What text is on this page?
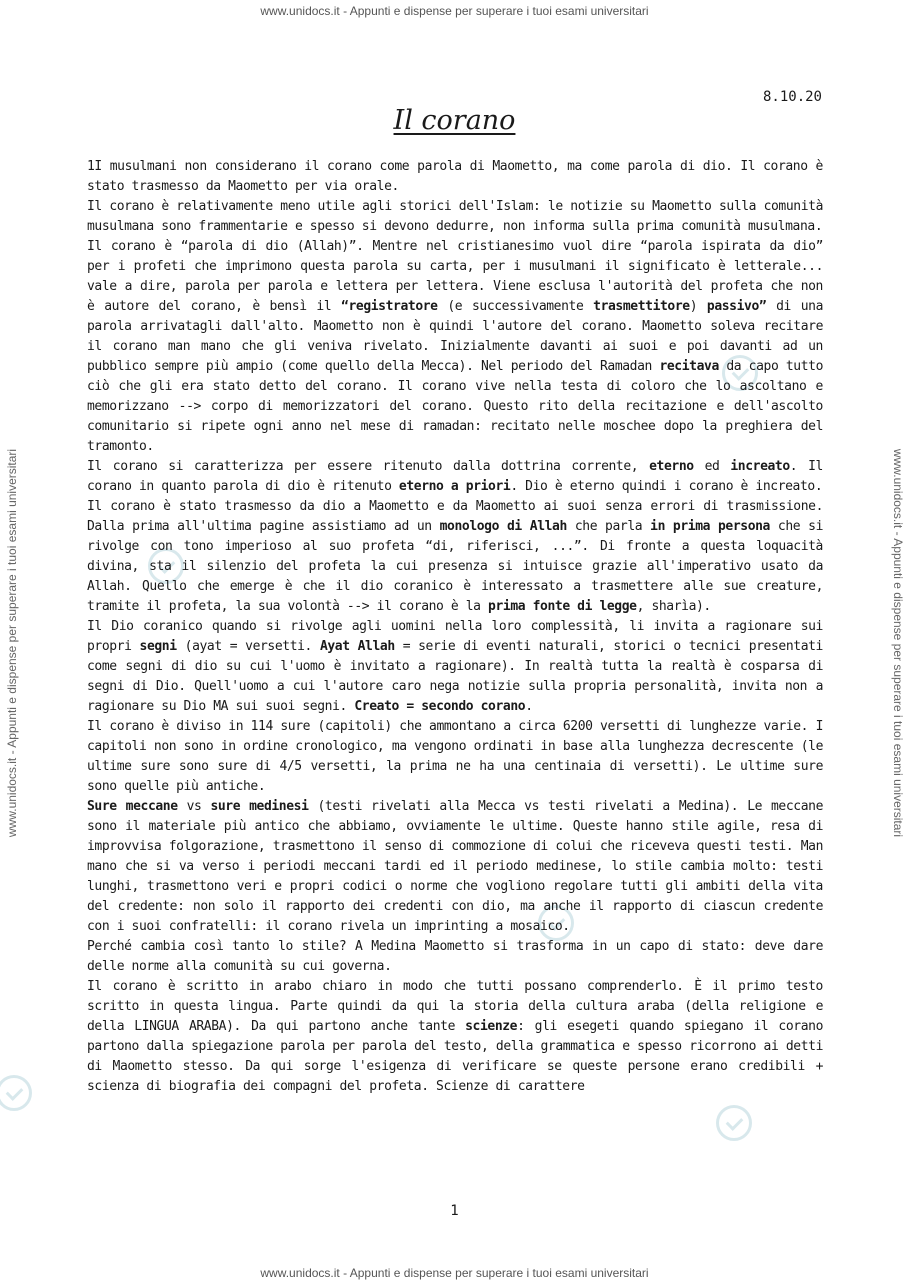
www.unidocs.it - Appunti e dispense per superare i tuoi esami universitari
www.unidocs.it - Appunti e dispense per superare i tuoi esami universitari
www.unidocs.it - Appunti e dispense per superare i tuoi esami universitari	www.unidocs.it - Appunti e dispense per superare i tuoi esami universitari
8.10.20
Il corano

1I musulmani non considerano il corano come parola di Maometto, ma come parola di dio. Il corano è stato trasmesso da Maometto per via orale.

Il corano è relativamente meno utile agli storici dell'Islam: le notizie su Maometto sulla comunità musulmana sono frammentarie e spesso si devono dedurre, non informa sulla prima comunità musulmana.

Il corano è “parola di dio (Allah)”. Mentre nel cristianesimo vuol dire “parola ispirata da dio” per i profeti che imprimono questa parola su carta, per i musulmani il significato è letterale... vale a dire, parola per parola e lettera per lettera. Viene esclusa l'autorità del profeta che non è autore del corano, è bensì il “registratore (e successivamente trasmettitore) passivo” di una parola arrivatagli dall'alto. Maometto non è quindi l'autore del corano. Maometto soleva recitare il corano man mano che gli veniva rivelato. Inizialmente davanti ai suoi e poi davanti ad un pubblico sempre più ampio (come quello della Mecca). Nel periodo del Ramadan recitava da capo tutto ciò che gli era stato detto del corano. Il corano vive nella testa di coloro che lo ascoltano e memorizzano --> corpo di memorizzatori del corano. Questo rito della recitazione e dell'ascolto comunitario si ripete ogni anno nel mese di ramadan: recitato nelle moschee dopo la preghiera del tramonto.

Il corano si caratterizza per essere ritenuto dalla dottrina corrente, eterno ed increato. Il corano in quanto parola di dio è ritenuto eterno a priori. Dio è eterno quindi i corano è increato.

Il corano è stato trasmesso da dio a Maometto e da Maometto ai suoi senza errori di trasmissione. Dalla prima all'ultima pagine assistiamo ad un monologo di Allah che parla in prima persona che si rivolge con tono imperioso al suo profeta “di, riferisci, ...”. Di fronte a questa loquacità divina, sta il silenzio del profeta la cui presenza si intuisce grazie all'imperativo usato da Allah. Quello che emerge è che il dio coranico è interessato a trasmettere alle sue creature, tramite il profeta, la sua volontà --> il corano è la prima fonte di legge, sharìa).

Il Dio coranico quando si rivolge agli uomini nella loro complessità, li invita a ragionare sui propri segni (ayat = versetti. Ayat Allah = serie di eventi naturali, storici o tecnici presentati come segni di dio su cui l'uomo è invitato a ragionare). In realtà tutta la realtà è cosparsa di segni di Dio. Quell'uomo a cui l'autore caro nega notizie sulla propria personalità, invita non a ragionare su Dio MA sui suoi segni. Creato = secondo corano.

Il corano è diviso in 114 sure (capitoli) che ammontano a circa 6200 versetti di lunghezze varie. I capitoli non sono in ordine cronologico, ma vengono ordinati in base alla lunghezza decrescente (le ultime sure sono sure di 4/5 versetti, la prima ne ha una centinaia di versetti). Le ultime sure sono quelle più antiche.

Sure meccane vs sure medinesi (testi rivelati alla Mecca vs testi rivelati a Medina). Le meccane sono il materiale più antico che abbiamo, ovviamente le ultime. Queste hanno stile agile, resa di improvvisa folgorazione, trasmettono il senso di commozione di colui che riceveva questi testi. Man mano che si va verso i periodi meccani tardi ed il periodo medinese, lo stile cambia molto: testi lunghi, trasmettono veri e propri codici o norme che vogliono regolare tutti gli ambiti della vita del credente: non solo il rapporto dei credenti con dio, ma anche il rapporto di ciascun credente con i suoi confratelli: il corano rivela un imprinting a mosaico.

Perché cambia così tanto lo stile? A Medina Maometto si trasforma in un capo di stato: deve dare delle norme alla comunità su cui governa.

Il corano è scritto in arabo chiaro in modo che tutti possano comprenderlo. È il primo testo scritto in questa lingua. Parte quindi da qui la storia della cultura araba (della religione e della LINGUA ARABA). Da qui partono anche tante scienze: gli esegeti quando spiegano il corano partono dalla spiegazione parola per parola del testo, della grammatica e spesso ricorrono ai detti di Maometto stesso. Da qui sorge l'esigenza di verificare se queste persone erano credibili + scienza di biografia dei compagni del profeta. Scienze di carattere

1
